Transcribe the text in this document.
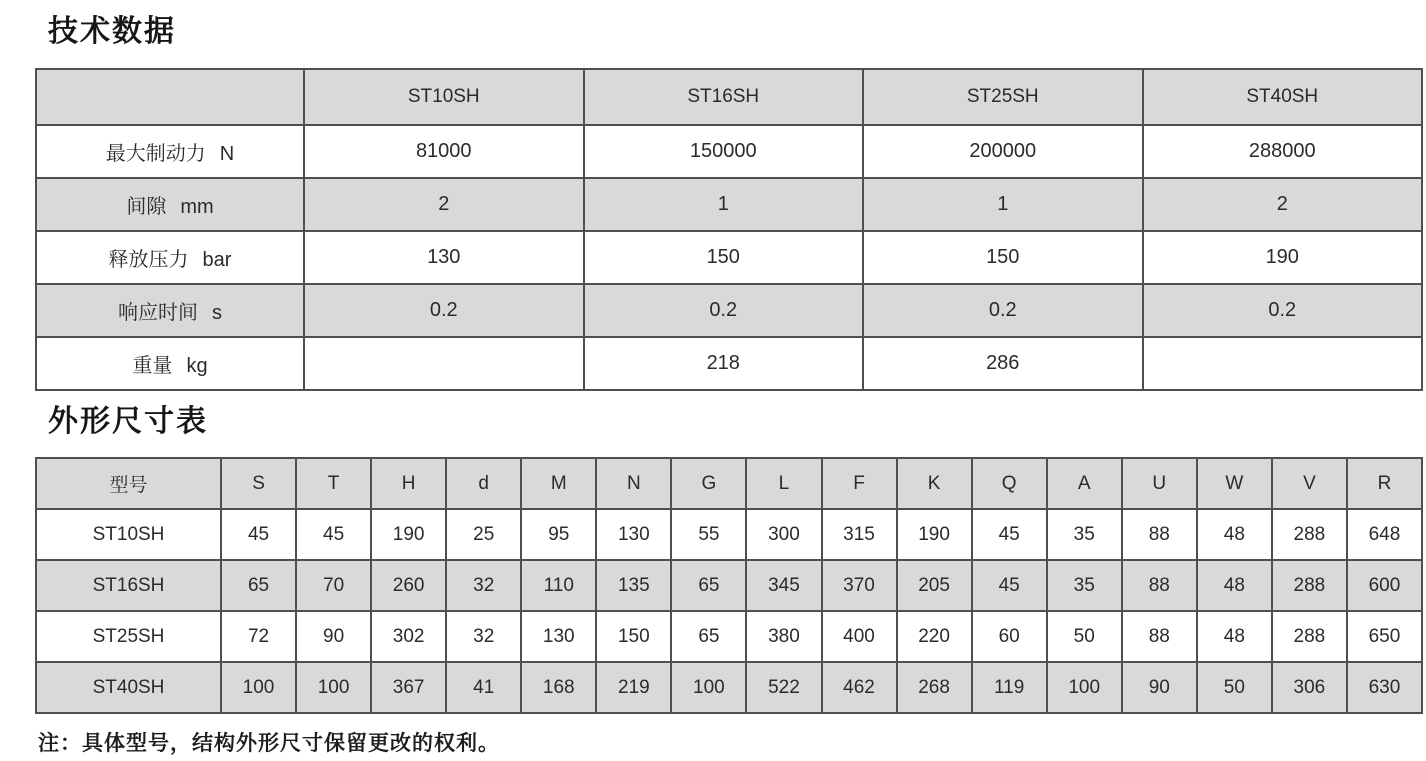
技术数据
	ST10SH	ST16SH	ST25SH	ST40SH

最大制动力 N	81000	150000	200000	288000

间隙 mm	2	1	1	2

释放压力 bar	130	150	150	190

响应时间 s	0.2	0.2	0.2	0.2

重量 kg		218	286	
外形尺寸表
型号	S	T	H	d	M	N	G	L	F	K	Q	A	U	W	V	R
ST10SH	45	45	190	25	95	130	55	300	315	190	45	35	88	48	288	648
ST16SH	65	70	260	32	110	135	65	345	370	205	45	35	88	48	288	600
ST25SH	72	90	302	32	130	150	65	380	400	220	60	50	88	48	288	650
ST40SH	100	100	367	41	168	219	100	522	462	268	119	100	90	50	306	630

注：具体型号，结构外形尺寸保留更改的权利。
